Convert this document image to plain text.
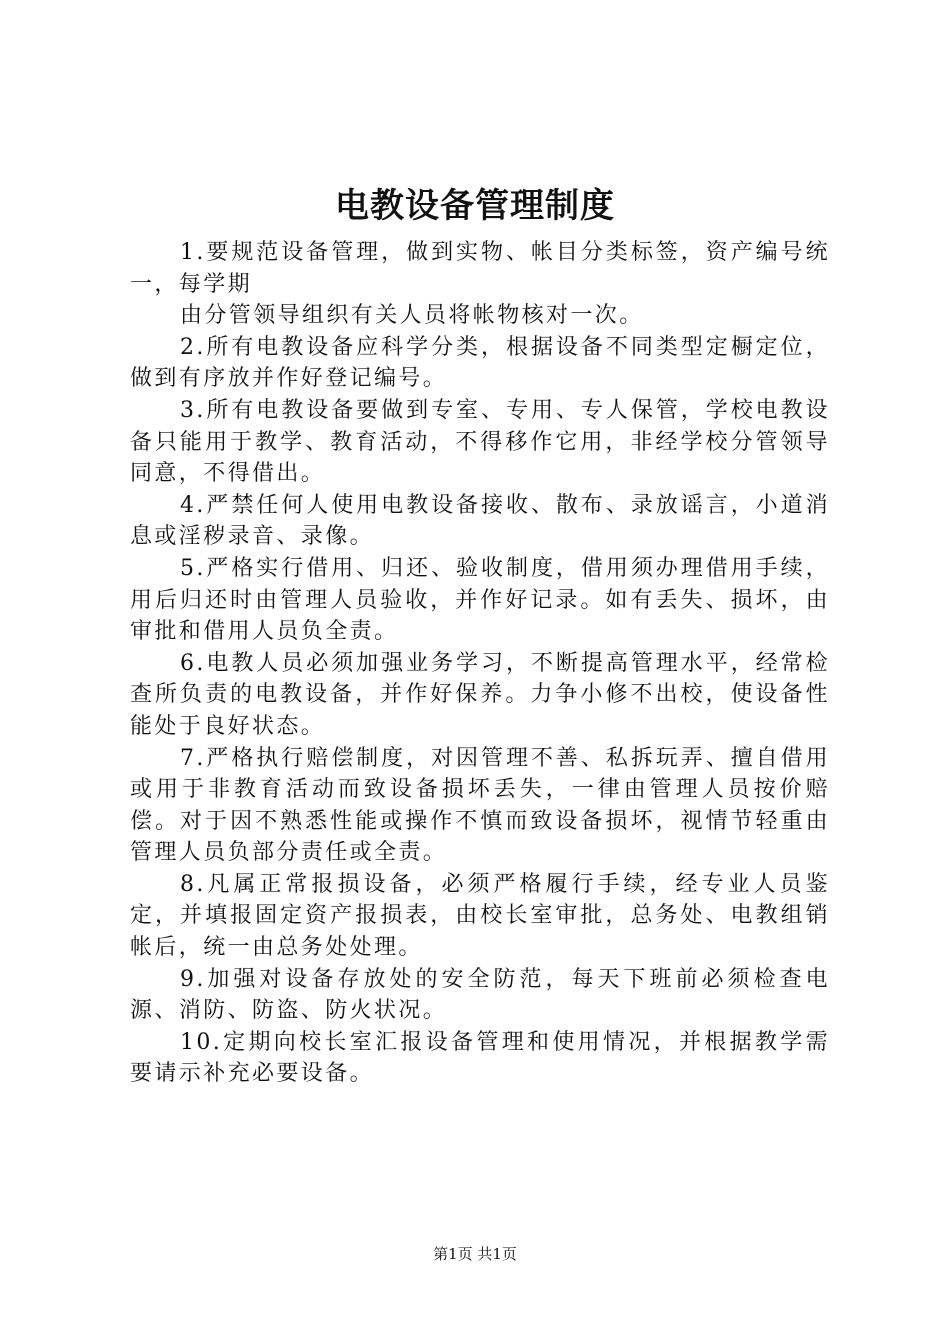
电教设备管理制度

1.要规范设备管理，做到实物、帐目分类标签，资产编号统一，每学期

由分管领导组织有关人员将帐物核对一次。

2.所有电教设备应科学分类，根据设备不同类型定橱定位，做到有序放并作好登记编号。

3.所有电教设备要做到专室、专用、专人保管，学校电教设备只能用于教学、教育活动，不得移作它用，非经学校分管领导同意，不得借出。

4.严禁任何人使用电教设备接收、散布、录放谣言，小道消息或淫秽录音、录像。

5.严格实行借用、归还、验收制度，借用须办理借用手续，用后归还时由管理人员验收，并作好记录。如有丢失、损坏，由审批和借用人员负全责。

6.电教人员必须加强业务学习，不断提高管理水平，经常检查所负责的电教设备，并作好保养。力争小修不出校，使设备性能处于良好状态。

7.严格执行赔偿制度，对因管理不善、私拆玩弄、擅自借用或用于非教育活动而致设备损坏丢失，一律由管理人员按价赔偿。对于因不熟悉性能或操作不慎而致设备损坏，视情节轻重由管理人员负部分责任或全责。

8.凡属正常报损设备，必须严格履行手续，经专业人员鉴定，并填报固定资产报损表，由校长室审批，总务处、电教组销帐后，统一由总务处处理。

9.加强对设备存放处的安全防范，每天下班前必须检查电源、消防、防盗、防火状况。

10.定期向校长室汇报设备管理和使用情况，并根据教学需要请示补充必要设备。

第1页 共1页
